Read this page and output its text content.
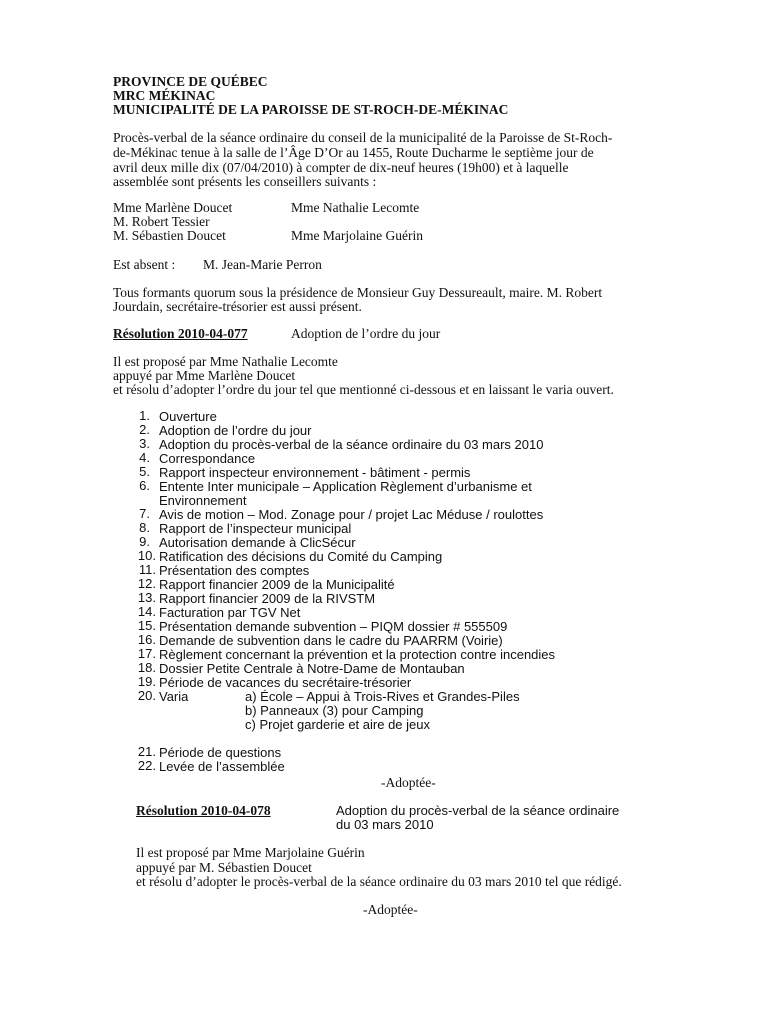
PROVINCE DE QUÉBEC
MRC MÉKINAC
MUNICIPALITÉ DE LA PAROISSE DE ST-ROCH-DE-MÉKINAC
Procès-verbal de la séance ordinaire du conseil de la municipalité de la Paroisse de St-Roch-
de-Mékinac tenue à la salle de l’Âge D’Or au 1455, Route Ducharme le septième jour de
avril deux mille dix (07/04/2010) à compter de dix-neuf heures (19h00) et à laquelle
assemblée sont présents les conseillers suivants :
Mme Marlène Doucet	Mme Nathalie Lecomte
M. Robert Tessier
M. Sébastien Doucet	Mme Marjolaine Guérin
Est absent : M. Jean-Marie Perron
Tous formants quorum sous la présidence de Monsieur Guy Dessureault, maire. M. Robert
Jourdain, secrétaire-trésorier est aussi présent.
Résolution 2010-04-077	Adoption de l’ordre du jour
Il est proposé par Mme Nathalie Lecomte
appuyé par Mme Marlène Doucet
et résolu d’adopter l’ordre du jour tel que mentionné ci-dessous et en laissant le varia ouvert.
1. Ouverture
2. Adoption de l’ordre du jour
3. Adoption du procès-verbal de la séance ordinaire du 03 mars 2010
4. Correspondance
5. Rapport inspecteur environnement - bâtiment - permis
6. Entente Inter municipale – Application Règlement d’urbanisme et
Environnement
7. Avis de motion – Mod. Zonage pour / projet Lac Méduse / roulottes
8. Rapport de l’inspecteur municipal
9. Autorisation demande à ClicSécur
10. Ratification des décisions du Comité du Camping
11. Présentation des comptes
12. Rapport financier 2009 de la Municipalité
13. Rapport financier 2009 de la RIVSTM
14. Facturation par TGV Net
15. Présentation demande subvention – PIQM dossier # 555509
16. Demande de subvention dans le cadre du PAARRM (Voirie)
17. Règlement concernant la prévention et la protection contre incendies
18. Dossier Petite Centrale à Notre-Dame de Montauban
19. Période de vacances du secrétaire-trésorier
20. Varia	a) École – Appui à Trois-Rives et Grandes-Piles
b) Panneaux (3) pour Camping
c) Projet garderie et aire de jeux
21. Période de questions
22. Levée de l’assemblée
-Adoptée-
Résolution 2010-04-078	Adoption du procès-verbal de la séance ordinaire
du 03 mars 2010
Il est proposé par Mme Marjolaine Guérin
appuyé par M. Sébastien Doucet
et résolu d’adopter le procès-verbal de la séance ordinaire du 03 mars 2010 tel que rédigé.
-Adoptée-
